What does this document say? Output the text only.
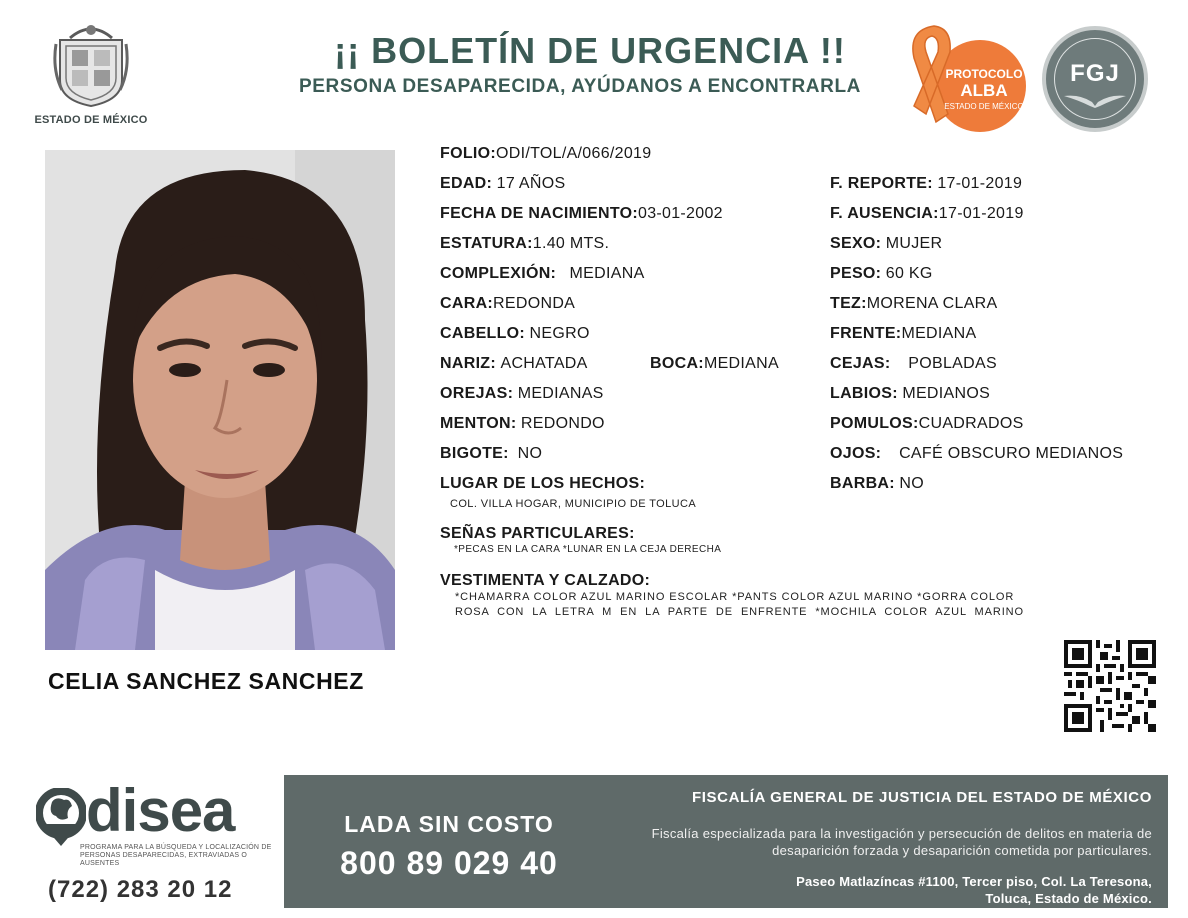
ESTADO DE MÉXICO
¡¡ BOLETÍN DE URGENCIA !!
PERSONA DESAPARECIDA, AYÚDANOS A ENCONTRARLA
PROTOCOLO
ALBA
ESTADO DE MÉXICO
FGJ
CELIA SANCHEZ SANCHEZ
FOLIO:ODI/TOL/A/066/2019
EDAD: 17 AÑOS
FECHA DE NACIMIENTO:03-01-2002
ESTATURA:1.40 MTS.
COMPLEXIÓN: MEDIANA
CARA:REDONDA
CABELLO: NEGRO
NARIZ: ACHATADA	BOCA:MEDIANA
OREJAS: MEDIANAS
MENTON: REDONDO
BIGOTE: NO
F. REPORTE: 17-01-2019
F. AUSENCIA:17-01-2019
SEXO: MUJER
PESO: 60 KG
TEZ:MORENA CLARA
FRENTE:MEDIANA
CEJAS: POBLADAS
LABIOS: MEDIANOS
POMULOS:CUADRADOS
OJOS: CAFÉ OBSCURO MEDIANOS
BARBA: NO
LUGAR DE LOS HECHOS:
COL. VILLA HOGAR, MUNICIPIO DE TOLUCA
SEÑAS PARTICULARES:
*PECAS EN LA CARA *LUNAR EN LA CEJA DERECHA
VESTIMENTA Y CALZADO:
*CHAMARRA COLOR AZUL MARINO ESCOLAR *PANTS COLOR AZUL MARINO *GORRA COLOR
ROSA CON LA LETRA M EN LA PARTE DE ENFRENTE *MOCHILA COLOR AZUL MARINO
disea
PROGRAMA PARA LA BÚSQUEDA Y LOCALIZACIÓN DE PERSONAS DESAPARECIDAS, EXTRAVIADAS O AUSENTES
(722) 283 20 12
LADA SIN COSTO
800 89 029 40
FISCALÍA GENERAL DE JUSTICIA DEL ESTADO DE MÉXICO
Fiscalía especializada para la investigación y persecución de delitos en materia de desaparición forzada y desaparición cometida por particulares.
Paseo Matlazíncas #1100, Tercer piso, Col. La Teresona,
Toluca, Estado de México.
